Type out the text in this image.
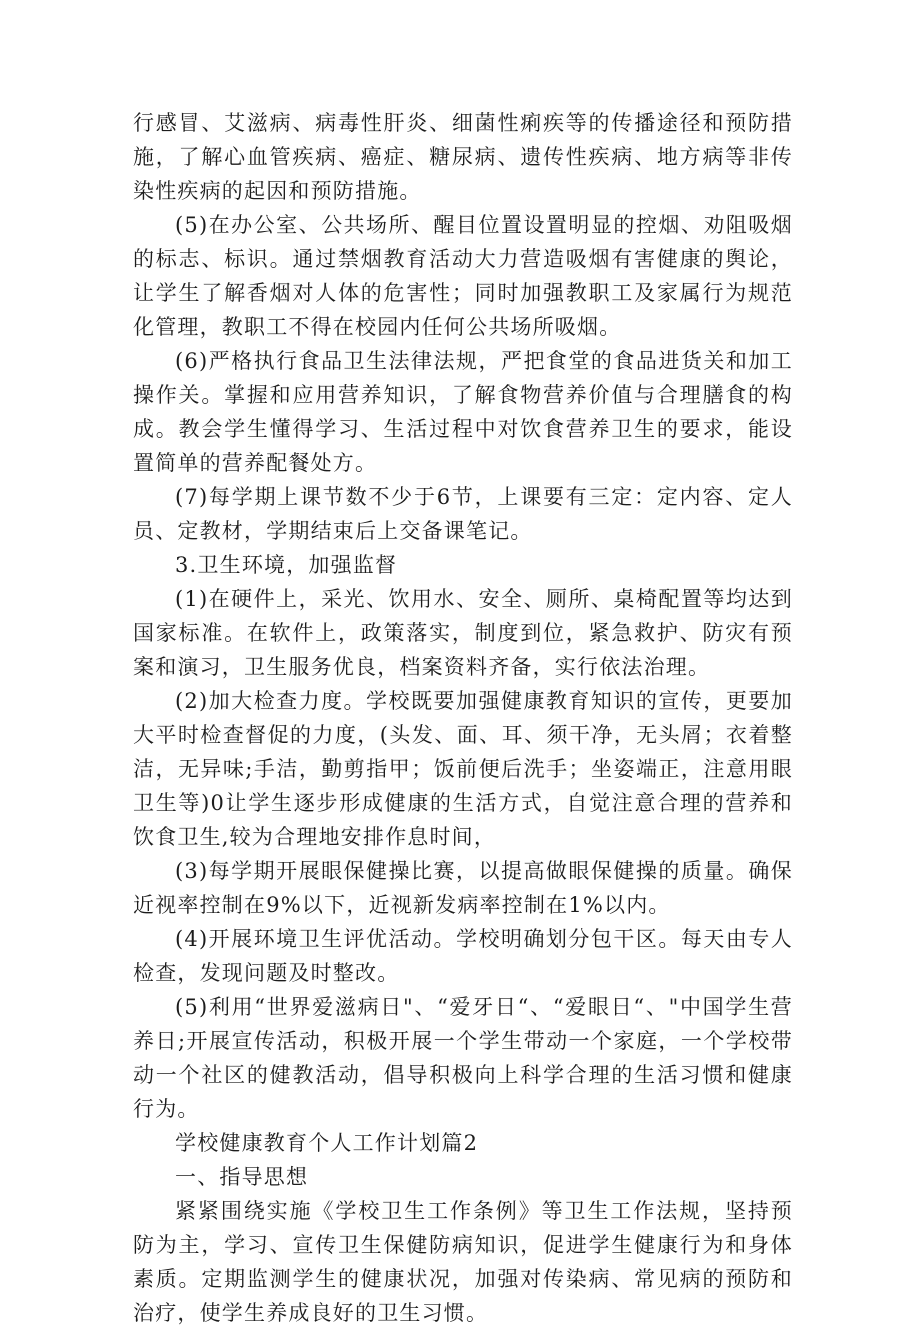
行感冒、艾滋病、病毒性肝炎、细菌性痢疾等的传播途径和预防措施，了解心血管疾病、癌症、糖尿病、遗传性疾病、地方病等非传染性疾病的起因和预防措施。

(5)在办公室、公共场所、醒目位置设置明显的控烟、劝阻吸烟的标志、标识。通过禁烟教育活动大力营造吸烟有害健康的舆论，让学生了解香烟对人体的危害性；同时加强教职工及家属行为规范化管理，教职工不得在校园内任何公共场所吸烟。

(6)严格执行食品卫生法律法规，严把食堂的食品进货关和加工操作关。掌握和应用营养知识，了解食物营养价值与合理膳食的构成。教会学生懂得学习、生活过程中对饮食营养卫生的要求，能设置简单的营养配餐处方。

(7)每学期上课节数不少于6节，上课要有三定：定内容、定人员、定教材，学期结束后上交备课笔记。

3.卫生环境，加强监督

(1)在硬件上，采光、饮用水、安全、厕所、桌椅配置等均达到国家标准。在软件上，政策落实，制度到位，紧急救护、防灾有预案和演习，卫生服务优良，档案资料齐备，实行依法治理。

(2)加大检查力度。学校既要加强健康教育知识的宣传，更要加大平时检查督促的力度，(头发、面、耳、须干净，无头屑；衣着整洁，无异味;手洁，勤剪指甲；饭前便后洗手；坐姿端正，注意用眼卫生等)0让学生逐步形成健康的生活方式，自觉注意合理的营养和饮食卫生,较为合理地安排作息时间，

(3)每学期开展眼保健操比赛，以提高做眼保健操的质量。确保近视率控制在9%以下，近视新发病率控制在1%以内。

(4)开展环境卫生评优活动。学校明确划分包干区。每天由专人检查，发现问题及时整改。

(5)利用“世界爱滋病日"、“爱牙日“、“爱眼日“、"中国学生营养日;开展宣传活动，积极开展一个学生带动一个家庭，一个学校带动一个社区的健教活动，倡导积极向上科学合理的生活习惯和健康行为。

学校健康教育个人工作计划篇2

一、指导思想

紧紧围绕实施《学校卫生工作条例》等卫生工作法规，坚持预防为主，学习、宣传卫生保健防病知识，促进学生健康行为和身体素质。定期监测学生的健康状况，加强对传染病、常见病的预防和治疗，使学生养成良好的卫生习惯。
